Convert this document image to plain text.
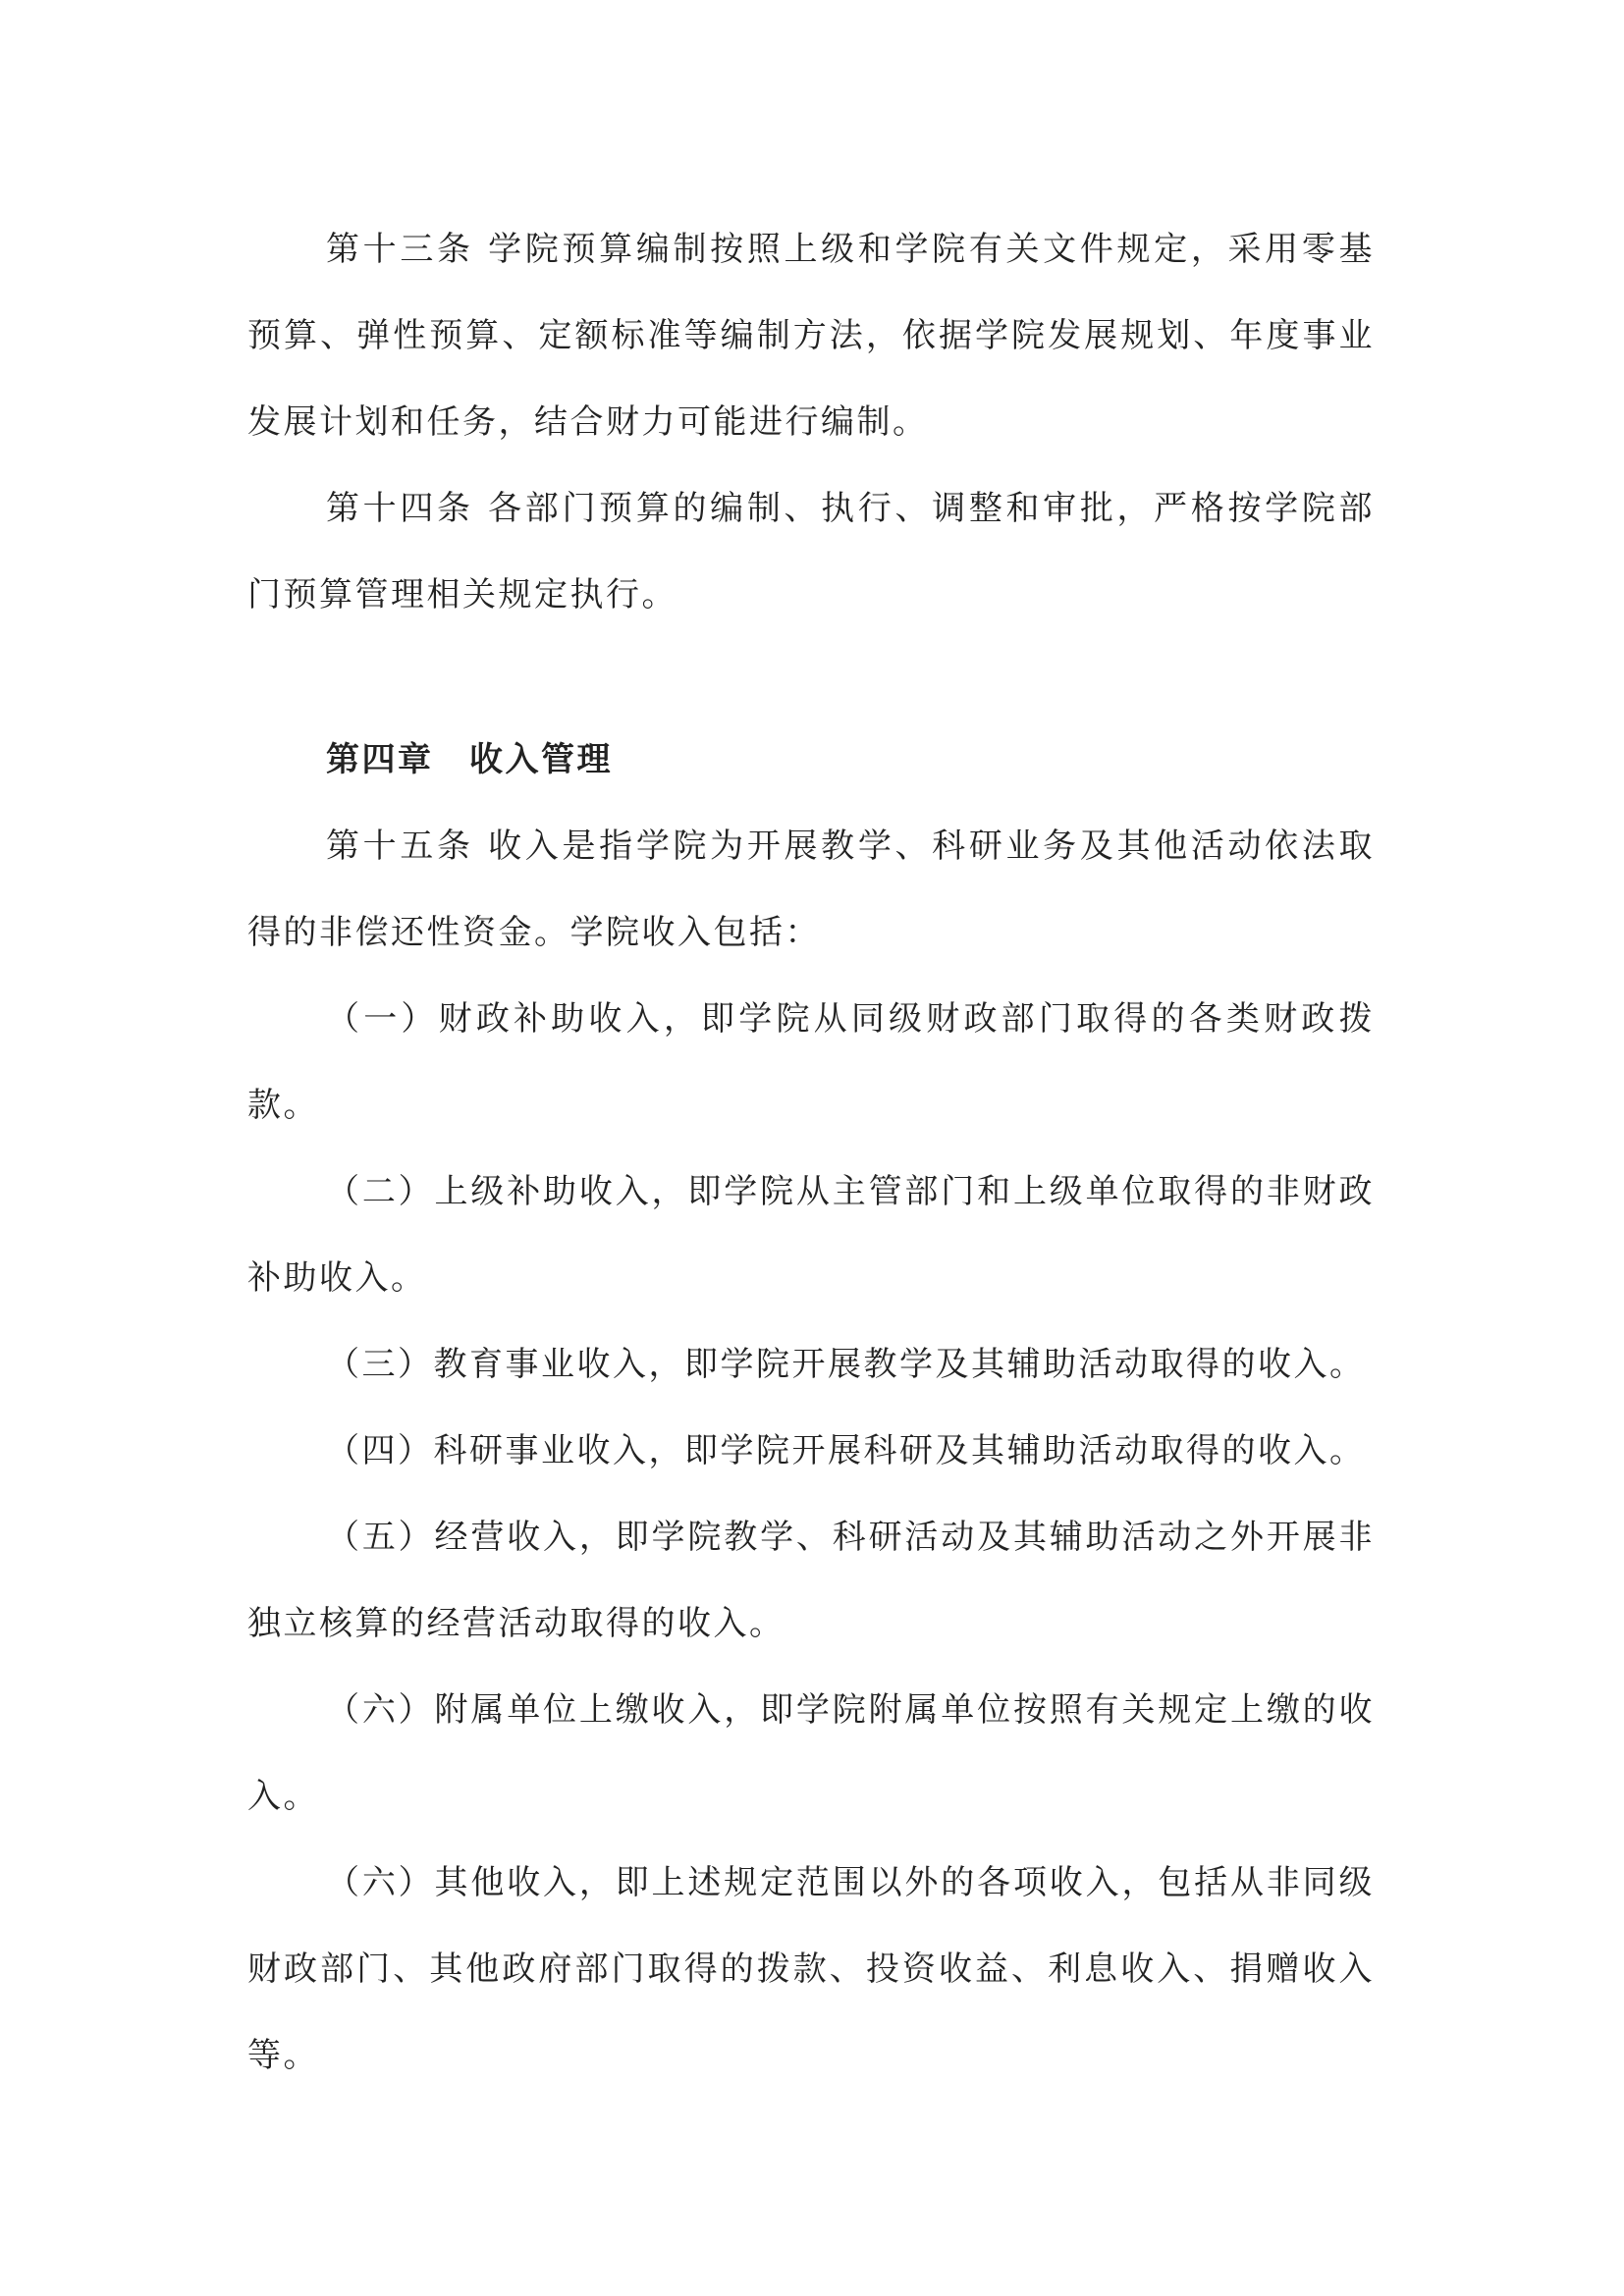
第十三条 学院预算编制按照上级和学院有关文件规定，采用零基预算、弹性预算、定额标准等编制方法，依据学院发展规划、年度事业发展计划和任务，结合财力可能进行编制。

第十四条 各部门预算的编制、执行、调整和审批，严格按学院部门预算管理相关规定执行。

第四章　收入管理

第十五条 收入是指学院为开展教学、科研业务及其他活动依法取得的非偿还性资金。学院收入包括：

（一）财政补助收入，即学院从同级财政部门取得的各类财政拨款。

（二）上级补助收入，即学院从主管部门和上级单位取得的非财政补助收入。

（三）教育事业收入，即学院开展教学及其辅助活动取得的收入。

（四）科研事业收入，即学院开展科研及其辅助活动取得的收入。

（五）经营收入，即学院教学、科研活动及其辅助活动之外开展非独立核算的经营活动取得的收入。

（六）附属单位上缴收入，即学院附属单位按照有关规定上缴的收入。

（六）其他收入，即上述规定范围以外的各项收入，包括从非同级财政部门、其他政府部门取得的拨款、投资收益、利息收入、捐赠收入等。
